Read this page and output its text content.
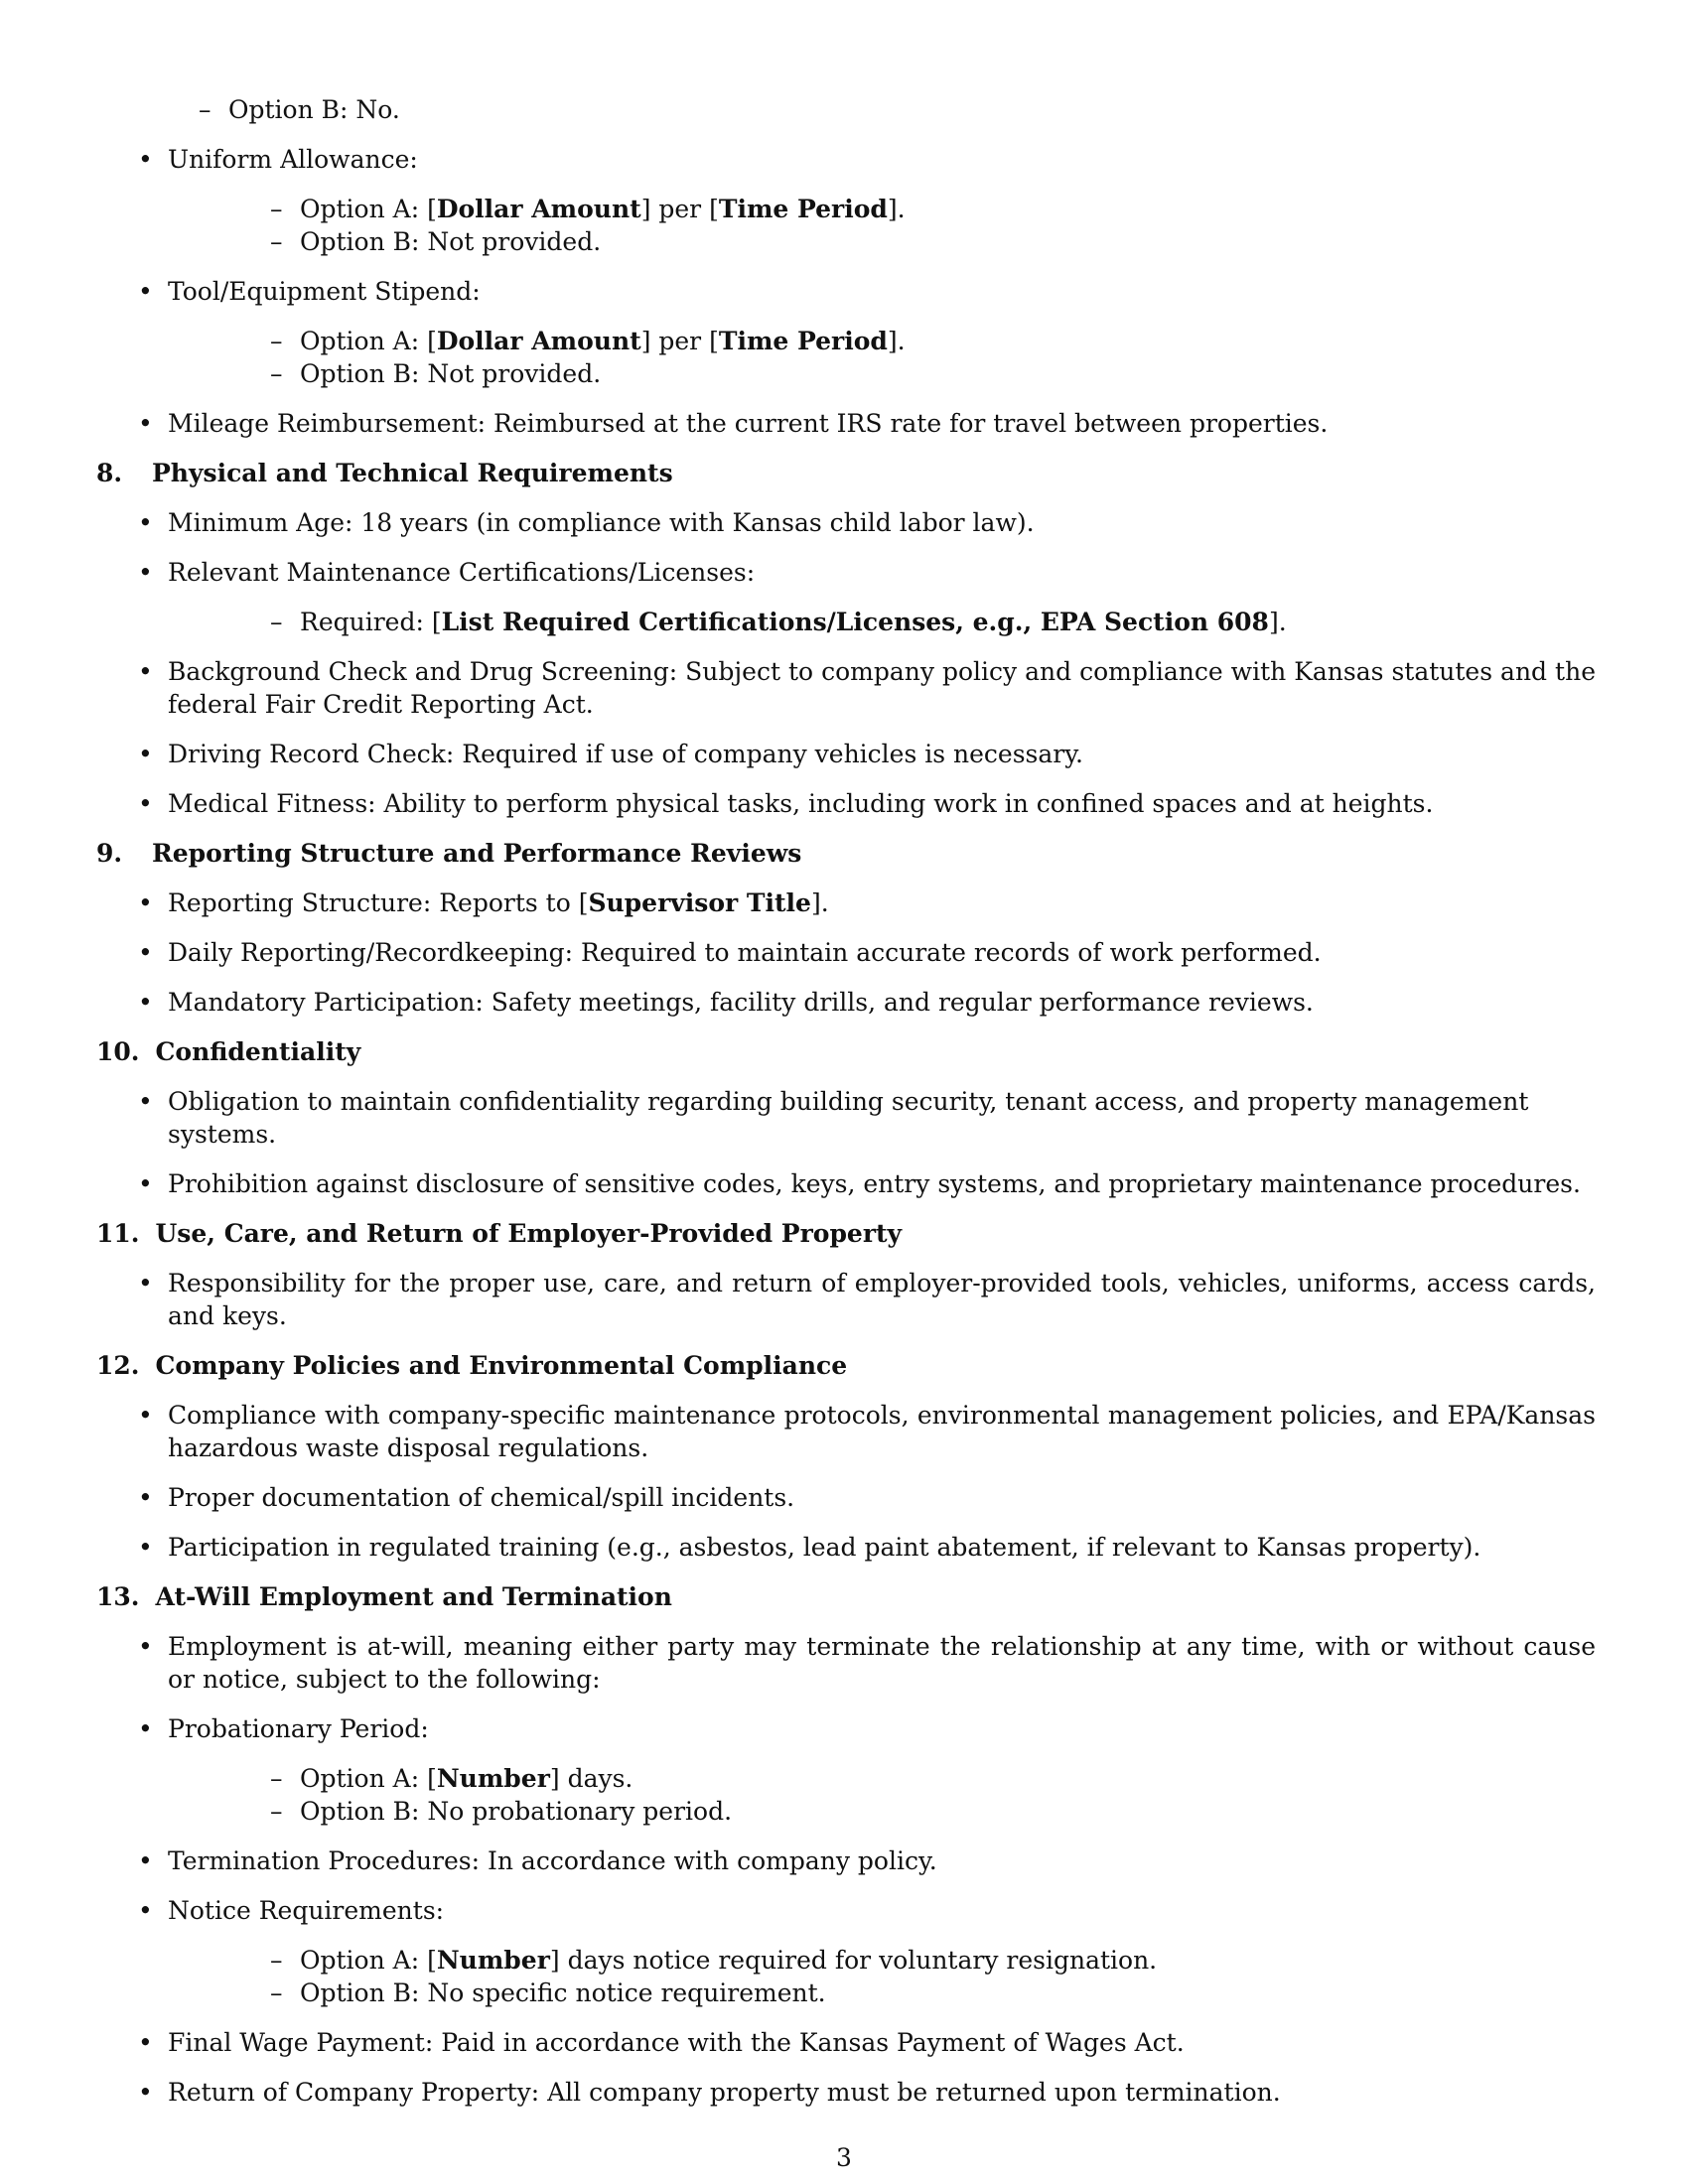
– Option B: No.
• Uniform Allowance:
– Option A: [Dollar Amount] per [Time Period].
– Option B: Not provided.
• Tool/Equipment Stipend:
– Option A: [Dollar Amount] per [Time Period].
– Option B: Not provided.
• Mileage Reimbursement: Reimbursed at the current IRS rate for travel between properties.
8.	Physical and Technical Requirements
• Minimum Age: 18 years (in compliance with Kansas child labor law).
• Relevant Maintenance Certifications/Licenses:
– Required: [List Required Certifications/Licenses, e.g., EPA Section 608].
• Background Check and Drug Screening: Subject to company policy and compliance with Kansas statutes and the federal Fair Credit Reporting Act.
• Driving Record Check: Required if use of company vehicles is necessary.
• Medical Fitness: Ability to perform physical tasks, including work in confined spaces and at heights.
9.	Reporting Structure and Performance Reviews
• Reporting Structure: Reports to [Supervisor Title].
• Daily Reporting/Recordkeeping: Required to maintain accurate records of work performed.
• Mandatory Participation: Safety meetings, facility drills, and regular performance reviews.
10. Confidentiality
• Obligation to maintain confidentiality regarding building security, tenant access, and property management systems.
• Prohibition against disclosure of sensitive codes, keys, entry systems, and proprietary maintenance procedures.
11. Use, Care, and Return of Employer-Provided Property
• Responsibility for the proper use, care, and return of employer-provided tools, vehicles, uniforms, access cards, and keys.
12. Company Policies and Environmental Compliance
• Compliance with company-specific maintenance protocols, environmental management policies, and EPA/Kansas hazardous waste disposal regulations.
• Proper documentation of chemical/spill incidents.
• Participation in regulated training (e.g., asbestos, lead paint abatement, if relevant to Kansas property).
13. At-Will Employment and Termination
• Employment is at-will, meaning either party may terminate the relationship at any time, with or without cause or notice, subject to the following:
• Probationary Period:
– Option A: [Number] days.
– Option B: No probationary period.
• Termination Procedures: In accordance with company policy.
• Notice Requirements:
– Option A: [Number] days notice required for voluntary resignation.
– Option B: No specific notice requirement.
• Final Wage Payment: Paid in accordance with the Kansas Payment of Wages Act.
• Return of Company Property: All company property must be returned upon termination.
3
